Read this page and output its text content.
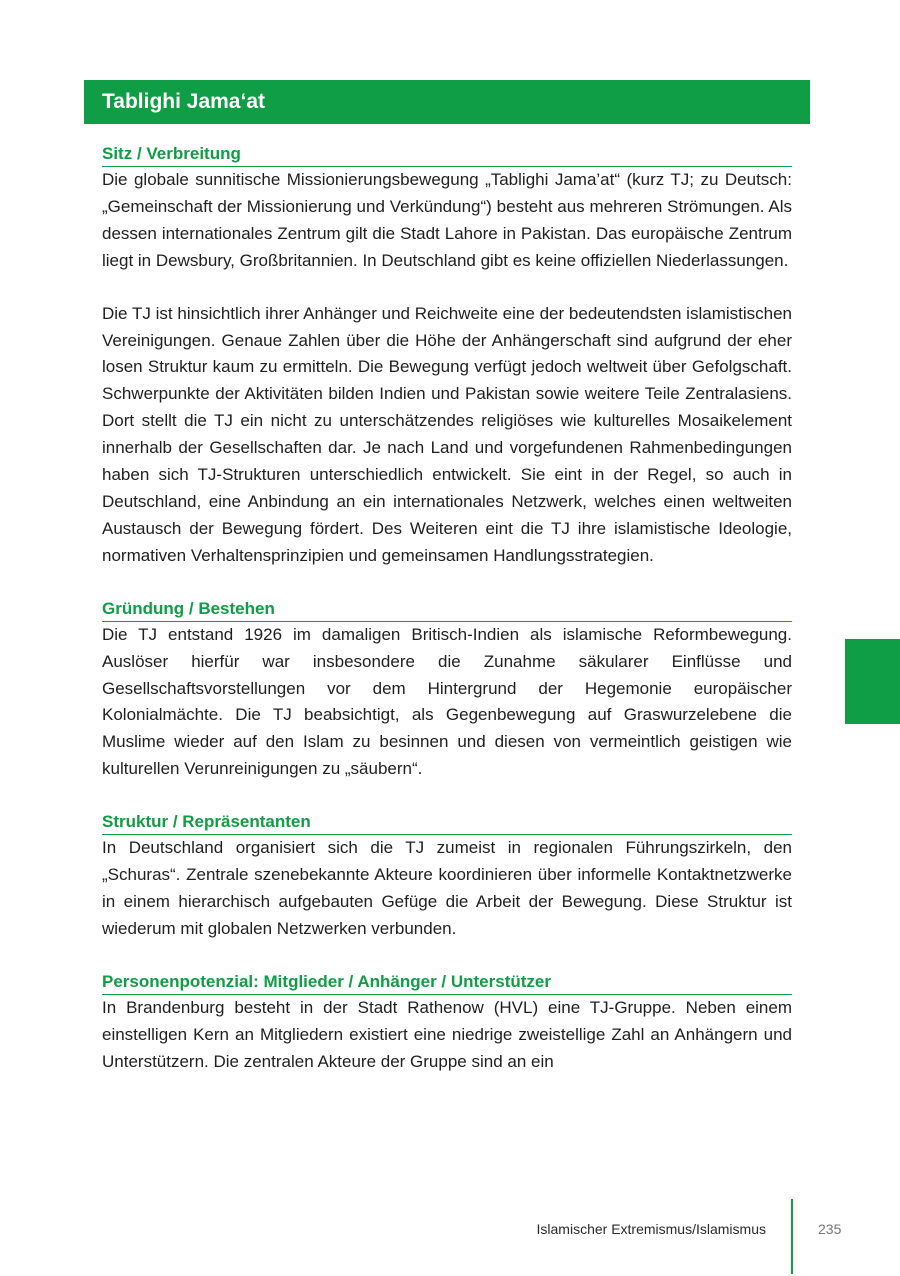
Tablighi Jama‘at
Sitz / Verbreitung

Die globale sunnitische Missionierungsbewegung „Tablighi Jama’at“ (kurz TJ; zu Deutsch: „Gemeinschaft der Missionierung und Verkündung“) besteht aus mehreren Strömungen. Als dessen internationales Zentrum gilt die Stadt Lahore in Pakistan. Das europäische Zentrum liegt in Dewsbury, Großbritannien. In Deutschland gibt es keine offiziellen Niederlassungen.

Die TJ ist hinsichtlich ihrer Anhänger und Reichweite eine der bedeutendsten islamistischen Vereinigungen. Genaue Zahlen über die Höhe der Anhängerschaft sind aufgrund der eher losen Struktur kaum zu ermitteln. Die Bewegung verfügt jedoch weltweit über Gefolgschaft. Schwerpunkte der Aktivitäten bilden Indien und Pakistan sowie weitere Teile Zentralasiens. Dort stellt die TJ ein nicht zu unterschätzendes religiöses wie kulturelles Mosaikelement innerhalb der Gesellschaften dar. Je nach Land und vorgefundenen Rahmenbedingungen haben sich TJ-Strukturen unterschiedlich entwickelt. Sie eint in der Regel, so auch in Deutschland, eine Anbindung an ein internationales Netzwerk, welches einen weltweiten Austausch der Bewegung fördert. Des Weiteren eint die TJ ihre islamistische Ideologie, normativen Verhaltensprinzipien und gemeinsamen Handlungsstrategien.

Gründung / Bestehen

Die TJ entstand 1926 im damaligen Britisch-Indien als islamische Reformbewegung. Auslöser hierfür war insbesondere die Zunahme säkularer Einflüsse und Gesellschaftsvorstellungen vor dem Hintergrund der Hegemonie europäischer Kolonialmächte. Die TJ beabsichtigt, als Gegenbewegung auf Graswurzelebene die Muslime wieder auf den Islam zu besinnen und diesen von vermeintlich geistigen wie kulturellen Verunreinigungen zu „säubern“.

Struktur / Repräsentanten

In Deutschland organisiert sich die TJ zumeist in regionalen Führungszirkeln, den „Schuras“. Zentrale szenebekannte Akteure koordinieren über informelle Kontaktnetzwerke in einem hierarchisch aufgebauten Gefüge die Arbeit der Bewegung. Diese Struktur ist wiederum mit globalen Netzwerken verbunden.

Personenpotenzial: Mitglieder / Anhänger / Unterstützer

In Brandenburg besteht in der Stadt Rathenow (HVL) eine TJ-Gruppe. Neben einem einstelligen Kern an Mitgliedern existiert eine niedrige zweistellige Zahl an Anhängern und Unterstützern. Die zentralen Akteure der Gruppe sind an ein

Islamischer Extremismus/Islamismus	235
